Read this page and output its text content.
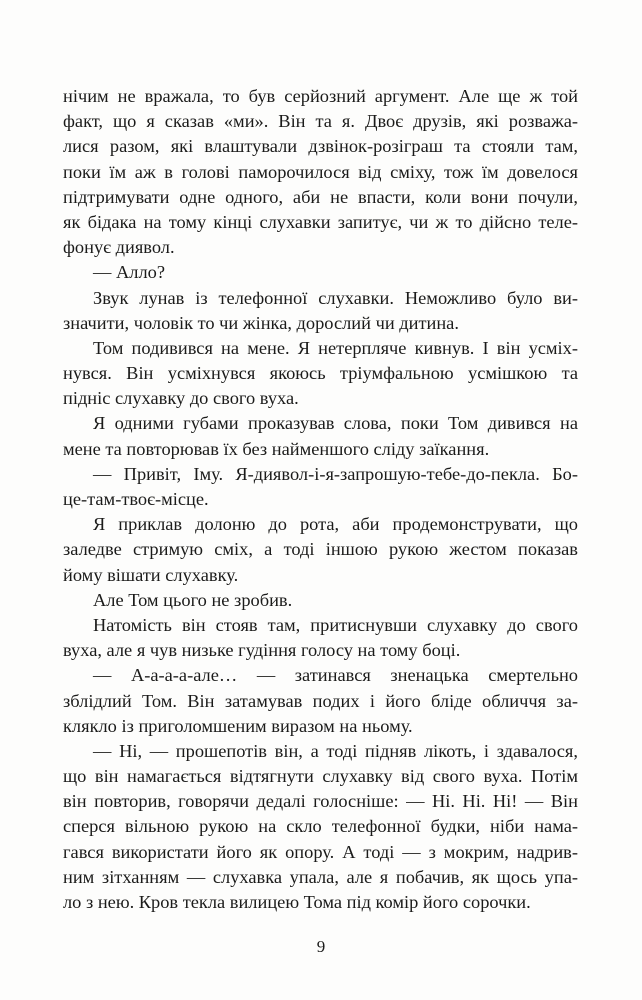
нічим не вражала, то був серйозний аргумент. Але ще ж той
факт, що я сказав «ми». Він та я. Двоє друзів, які розважа-
лися разом, які влаштували дзвінок-розіграш та стояли там,
поки їм аж в голові паморочилося від сміху, тож їм довелося
підтримувати одне одного, аби не впасти, коли вони почули,
як бідака на тому кінці слухавки запитує, чи ж то дійсно теле-
фонує диявол.
— Алло?
Звук лунав із телефонної слухавки. Неможливо було ви-
значити, чоловік то чи жінка, дорослий чи дитина.
Том подивився на мене. Я нетерпляче кивнув. І він усміх-
нувся. Він усміхнувся якоюсь тріумфальною усмішкою та
підніс слухавку до свого вуха.
Я одними губами проказував слова, поки Том дивився на
мене та повторював їх без найменшого сліду заїкання.
— Привіт, Іму. Я-диявол-і-я-запрошую-тебе-до-пекла. Бо-
це-там-твоє-місце.
Я приклав долоню до рота, аби продемонструвати, що
заледве стримую сміх, а тоді іншою рукою жестом показав
йому вішати слухавку.
Але Том цього не зробив.
Натомість він стояв там, притиснувши слухавку до свого
вуха, але я чув низьке гудіння голосу на тому боці.
— А-а-а-а-але… — затинався зненацька смертельно
зблідлий Том. Він затамував подих і його бліде обличчя за-
клякло із приголомшеним виразом на ньому.
— Ні, — прошепотів він, а тоді підняв лікоть, і здавалося,
що він намагається відтягнути слухавку від свого вуха. Потім
він повторив, говорячи дедалі голосніше: — Ні. Ні. Ні! — Він
сперся вільною рукою на скло телефонної будки, ніби нама-
гався використати його як опору. А тоді — з мокрим, надрив-
ним зітханням — слухавка упала, але я побачив, як щось упа-
ло з нею. Кров текла вилицею Тома під комір його сорочки.
9
